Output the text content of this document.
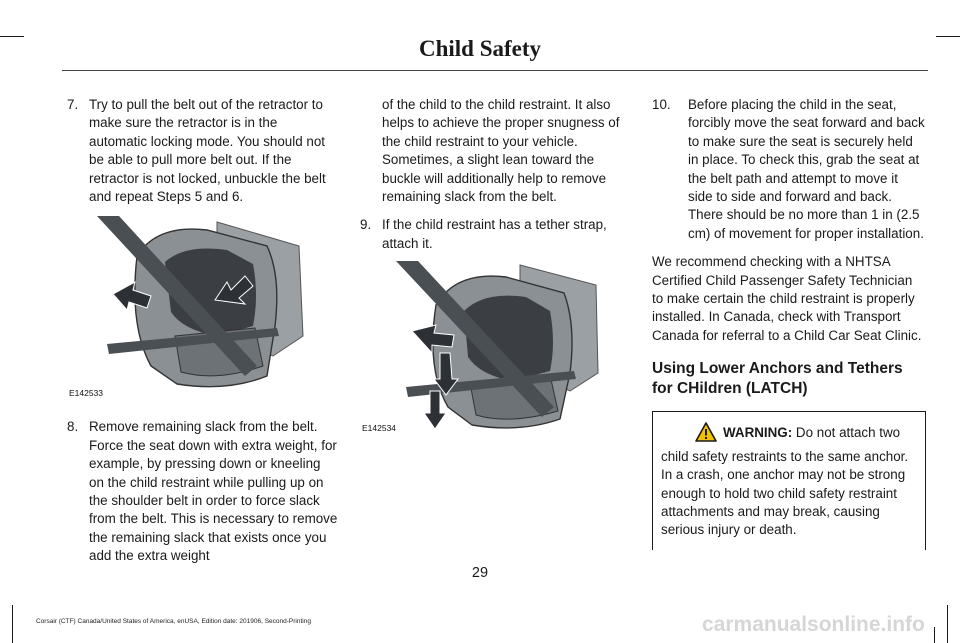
Child Safety
7. Try to pull the belt out of the retractor to make sure the retractor is in the automatic locking mode. You should not be able to pull more belt out. If the retractor is not locked, unbuckle the belt and repeat Steps 5 and 6.
E142533
8. Remove remaining slack from the belt. Force the seat down with extra weight, for example, by pressing down or kneeling on the child restraint while pulling up on the shoulder belt in order to force slack from the belt. This is necessary to remove the remaining slack that exists once you add the extra weight

of the child to the child restraint. It also helps to achieve the proper snugness of the child restraint to your vehicle. Sometimes, a slight lean toward the buckle will additionally help to remove remaining slack from the belt.

9. If the child restraint has a tether strap, attach it.
E142534
10.	Before placing the child in the seat, forcibly move the seat forward and back to make sure the seat is securely held in place. To check this, grab the seat at the belt path and attempt to move it side to side and forward and back. There should be no more than 1 in (2.5 cm) of movement for proper installation.

We recommend checking with a NHTSA Certified Child Passenger Safety Technician to make certain the child restraint is properly installed. In Canada, check with Transport Canada for referral to a Child Car Seat Clinic.

Using Lower Anchors and Tethers for CHildren (LATCH)
WARNING: Do not attach two child safety restraints to the same anchor. In a crash, one anchor may not be strong enough to hold two child safety restraint attachments and may break, causing serious injury or death.
29
Corsair (CTF) Canada/United States of America, enUSA, Edition date: 201906, Second-Printing	carmanualsonline.info
